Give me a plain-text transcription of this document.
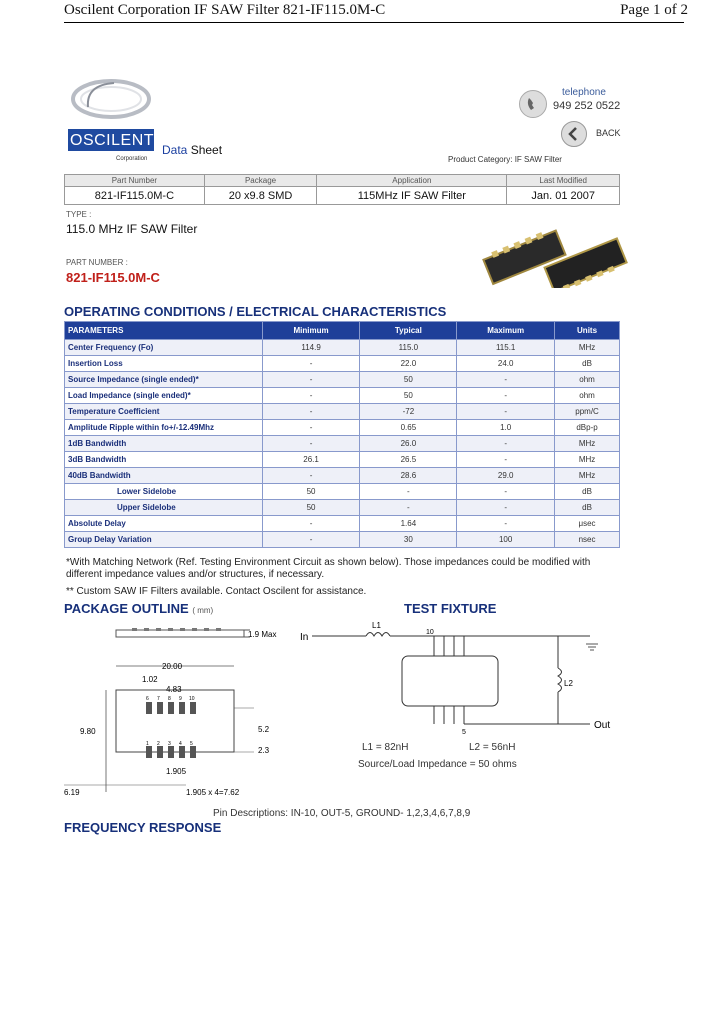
Oscilent Corporation IF SAW Filter 821-IF115.0M-C	Page 1 of 2
OSCILENT
Corporation
Data Sheet
telephone
949 252 0522
BACK
Product Category: IF SAW Filter
Part Number	Package	Application	Last Modified
821-IF115.0M-C	20 x9.8 SMD	115MHz IF SAW Filter	Jan. 01 2007
TYPE :
115.0 MHz IF SAW Filter
PART NUMBER :
821-IF115.0M-C
OPERATING CONDITIONS / ELECTRICAL CHARACTERISTICS
PARAMETERS	Minimum	Typical	Maximum	Units
Center Frequency (Fo)	114.9	115.0	115.1	MHz
Insertion Loss	-	22.0	24.0	dB
Source Impedance (single ended)*	-	50	-	ohm
Load Impedance (single ended)*	-	50	-	ohm
Temperature Coefficient	-	-72	-	ppm/C
Amplitude Ripple within fo+/-12.49Mhz	-	0.65	1.0	dBp-p
1dB Bandwidth	-	26.0	-	MHz
3dB Bandwidth	26.1	26.5	-	MHz
40dB Bandwidth	-	28.6	29.0	MHz
Lower Sidelobe	50	-	-	dB
Upper Sidelobe	50	-	-	dB
Absolute Delay	-	1.64	-	μsec
Group Delay Variation	-	30	100	nsec
*With Matching Network (Ref. Testing Environment Circuit as shown below). Those impedances could be modified with different impedance values and/or structures, if necessary.
** Custom SAW IF Filters available. Contact Oscilent for assistance.
PACKAGE OUTLINE ( mm)
1.9 Max
20.00
6 7 8 9 10
1 2 3 4 5
1.02
4.83
9.80	5.2
2.3
1.905
6.19	1.905 x 4=7.62
TEST FIXTURE
In
L1
10
5
L2
Out
L1 = 82nH	L2 = 56nH
Source/Load Impedance = 50 ohms
Pin Descriptions: IN-10, OUT-5, GROUND- 1,2,3,4,6,7,8,9
FREQUENCY RESPONSE
